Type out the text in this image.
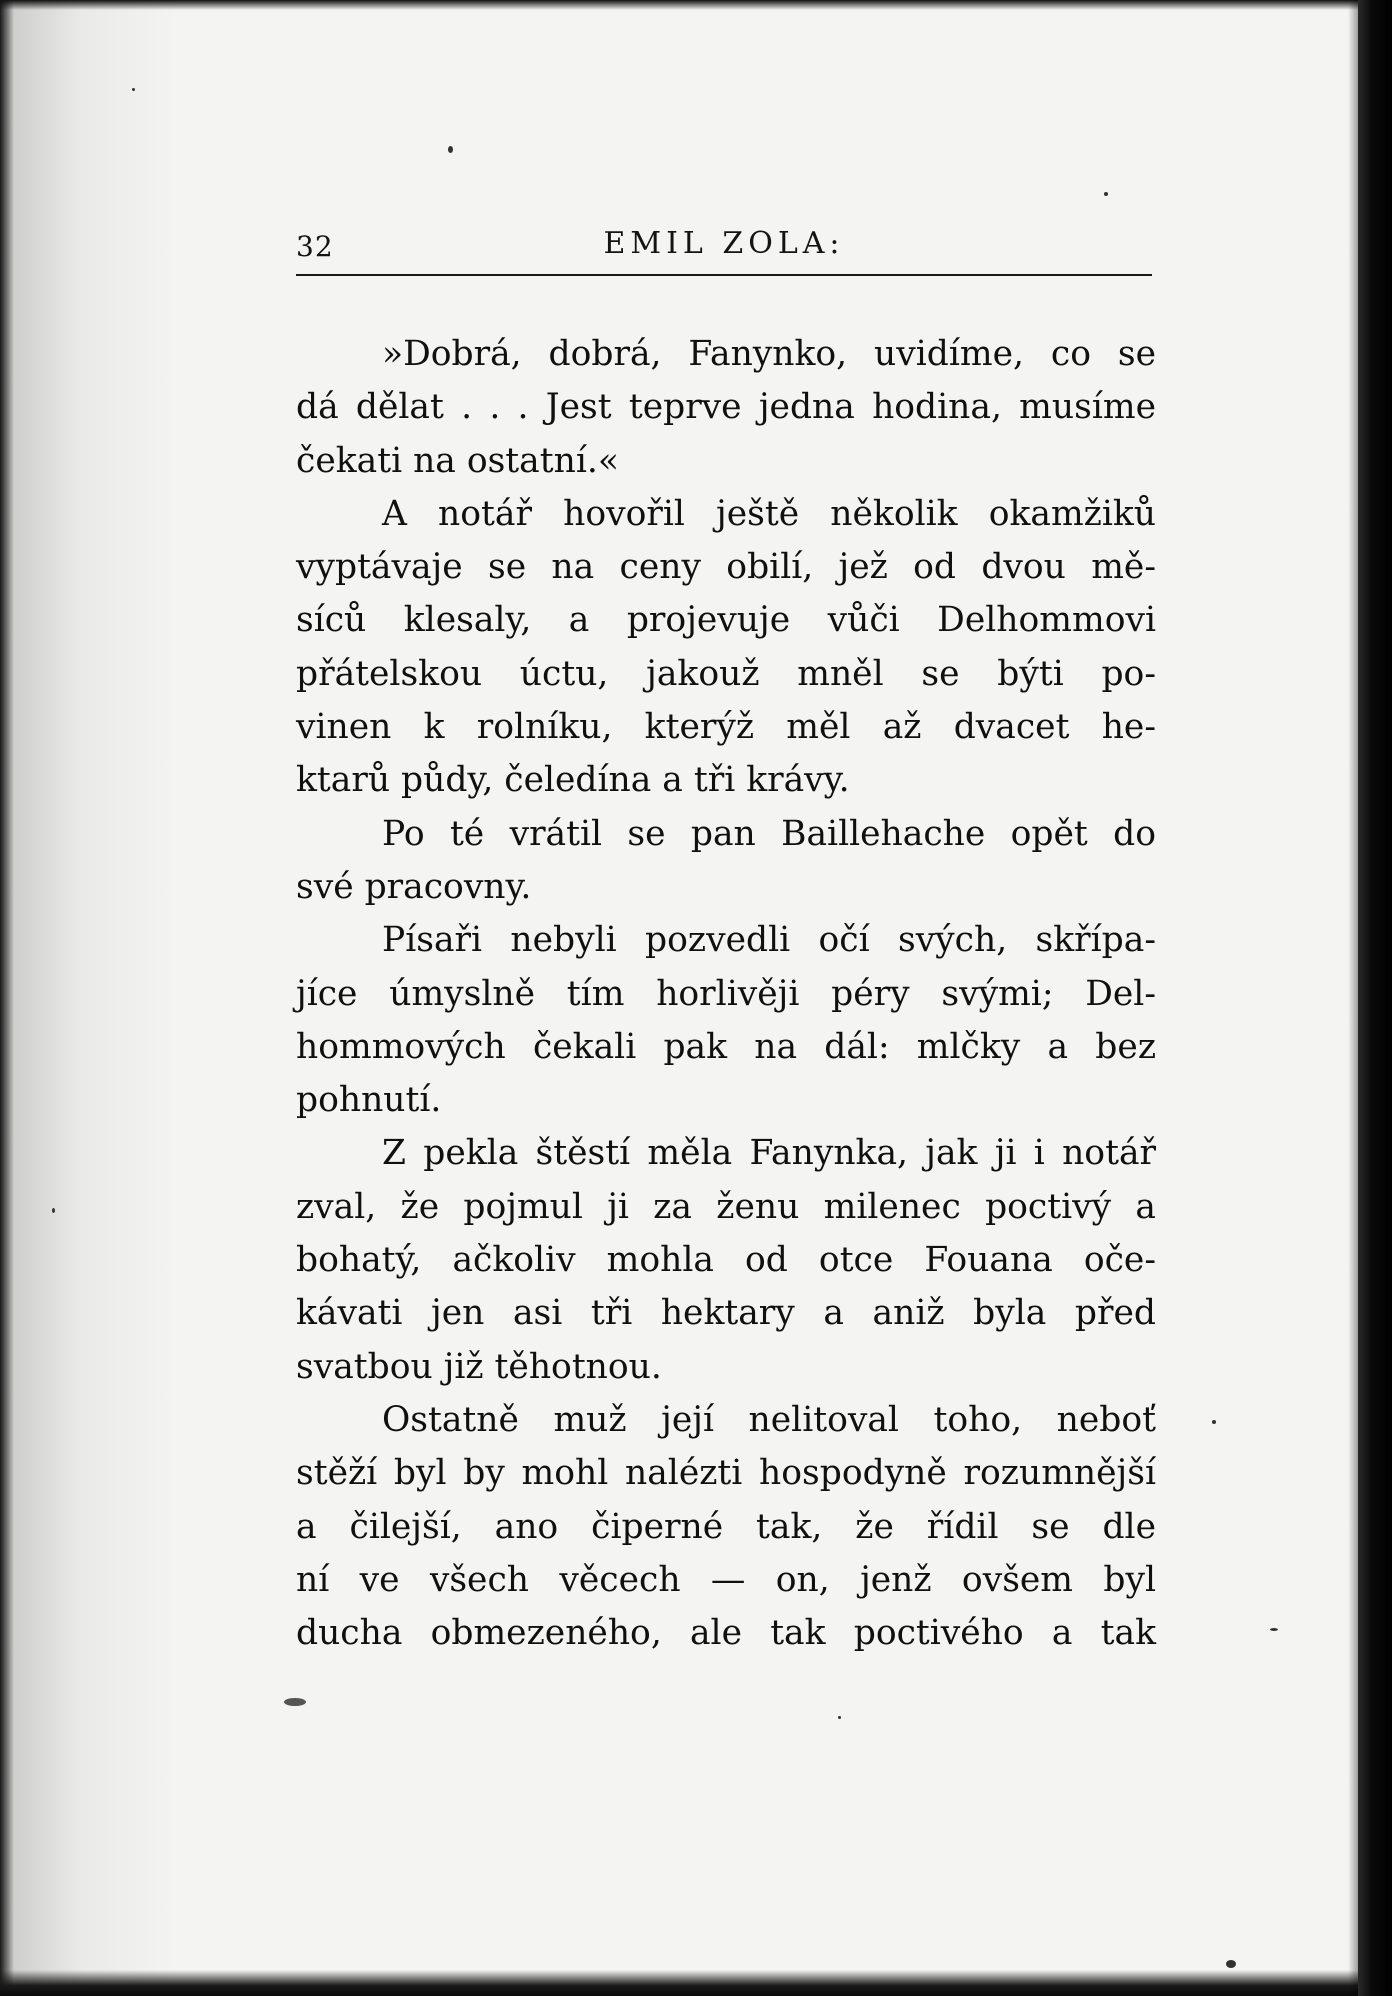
32	EMIL ZOLA:
»Dobrá, dobrá, Fanynko, uvidíme, co se
dá dělat . . . Jest teprve jedna hodina, musíme
čekati na ostatní.«
A notář hovořil ještě několik okamžiků
vyptávaje se na ceny obilí, jež od dvou mě-
síců klesaly, a projevuje vůči Delhommovi
přátelskou úctu, jakouž mněl se býti po-
vinen k rolníku, kterýž měl až dvacet he-
ktarů půdy, čeledína a tři krávy.
Po té vrátil se pan Baillehache opět do
své pracovny.
Písaři nebyli pozvedli očí svých, skřípa-
jíce úmyslně tím horlivěji péry svými; Del-
hommových čekali pak na dál: mlčky a bez
pohnutí.
Z pekla štěstí měla Fanynka, jak ji i notář
zval, že pojmul ji za ženu milenec poctivý a
bohatý, ačkoliv mohla od otce Fouana oče-
kávati jen asi tři hektary a aniž byla před
svatbou již těhotnou.
Ostatně muž její nelitoval toho, neboť
stěží byl by mohl nalézti hospodyně rozumnější
a čilejší, ano čiperné tak, že řídil se dle
ní ve všech věcech — on, jenž ovšem byl
ducha obmezeného, ale tak poctivého a tak
